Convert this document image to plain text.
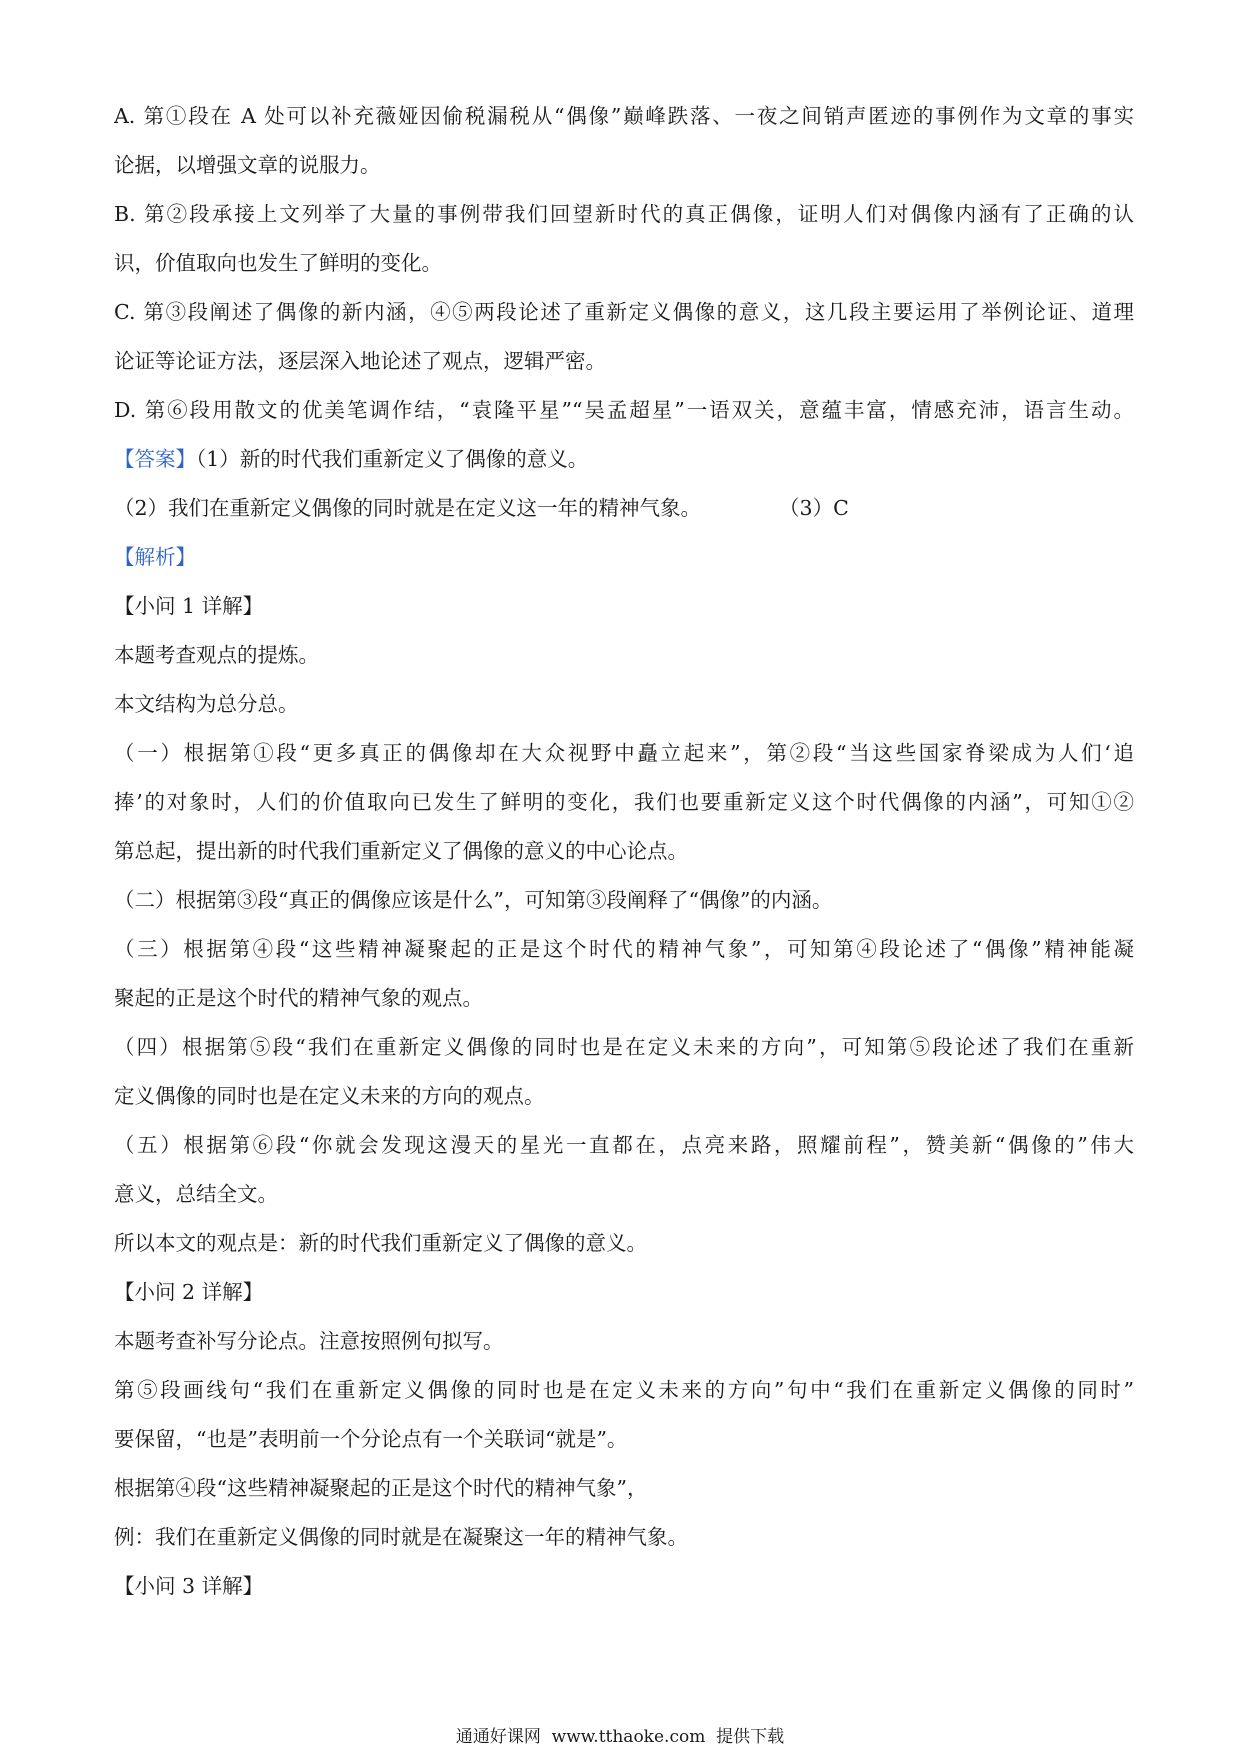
A. 第①段在 A 处可以补充薇娅因偷税漏税从“偶像”巅峰跌落、一夜之间销声匿迹的事例作为文章的事实
论据，以增强文章的说服力。
B. 第②段承接上文列举了大量的事例带我们回望新时代的真正偶像，证明人们对偶像内涵有了正确的认
识，价值取向也发生了鲜明的变化。
C. 第③段阐述了偶像的新内涵，④⑤两段论述了重新定义偶像的意义，这几段主要运用了举例论证、道理
论证等论证方法，逐层深入地论述了观点，逻辑严密。
D. 第⑥段用散文的优美笔调作结，“袁隆平星”“吴孟超星”一语双关，意蕴丰富，情感充沛，语言生动。
【答案】（1）新的时代我们重新定义了偶像的意义。
（2）我们在重新定义偶像的同时就是在定义这一年的精神气象。	（3）C
【解析】
【小问 1 详解】
本题考查观点的提炼。
本文结构为总分总。
（一）根据第①段“更多真正的偶像却在大众视野中矗立起来”，第②段“当这些国家脊梁成为人们‘追
捧’的对象时，人们的价值取向已发生了鲜明的变化，我们也要重新定义这个时代偶像的内涵”，可知①②
第总起，提出新的时代我们重新定义了偶像的意义的中心论点。
（二）根据第③段“真正的偶像应该是什么”，可知第③段阐释了“偶像”的内涵。
（三）根据第④段“这些精神凝聚起的正是这个时代的精神气象”，可知第④段论述了“偶像”精神能凝
聚起的正是这个时代的精神气象的观点。
（四）根据第⑤段“我们在重新定义偶像的同时也是在定义未来的方向”，可知第⑤段论述了我们在重新
定义偶像的同时也是在定义未来的方向的观点。
（五）根据第⑥段“你就会发现这漫天的星光一直都在，点亮来路，照耀前程”，赞美新“偶像的”伟大
意义，总结全文。
所以本文的观点是：新的时代我们重新定义了偶像的意义。
【小问 2 详解】
本题考查补写分论点。注意按照例句拟写。
第⑤段画线句“我们在重新定义偶像的同时也是在定义未来的方向”句中“我们在重新定义偶像的同时”
要保留，“也是”表明前一个分论点有一个关联词“就是”。
根据第④段“这些精神凝聚起的正是这个时代的精神气象”，
例：我们在重新定义偶像的同时就是在凝聚这一年的精神气象。
【小问 3 详解】
通通好课网 www.tthaoke.com 提供下载
